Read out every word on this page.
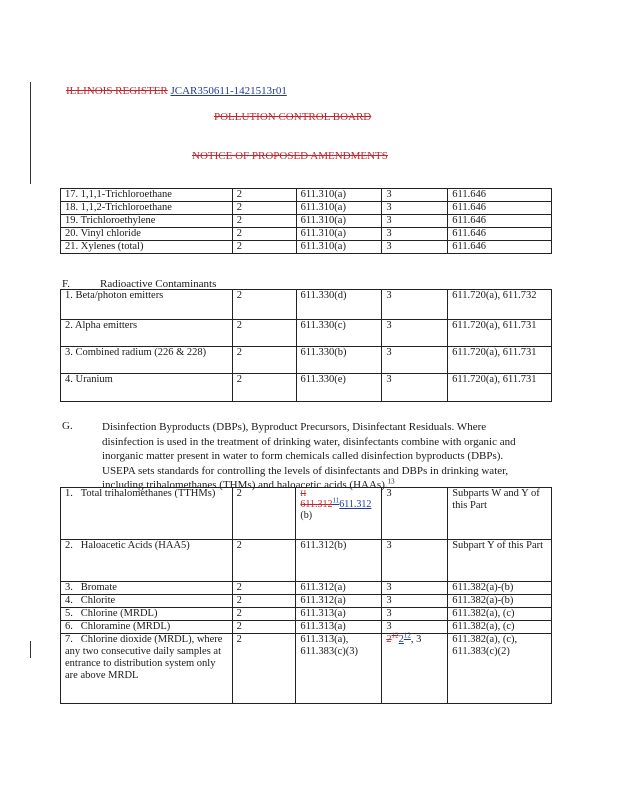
ILLINOIS REGISTER JCAR350611-1421513r01
POLLUTION CONTROL BOARD
NOTICE OF PROPOSED AMENDMENTS
17. 1,1,1-Trichloroethane	2	611.310(a)	3	611.646
18. 1,1,2-Trichloroethane	2	611.310(a)	3	611.646
19. Trichloroethylene	2	611.310(a)	3	611.646
20. Vinyl chloride	2	611.310(a)	3	611.646
21. Xylenes (total)	2	611.310(a)	3	611.646
F.	Radioactive Contaminants
1. Beta/photon emitters	2	611.330(d)	3	611.720(a), 611.732
2. Alpha emitters	2	611.330(c)	3	611.720(a), 611.731
3. Combined radium (226 & 228)	2	611.330(b)	3	611.720(a), 611.731
4. Uranium	2	611.330(e)	3	611.720(a), 611.731
G.	Disinfection Byproducts (DBPs), Byproduct Precursors, Disinfectant Residuals. Where disinfection is used in the treatment of drinking water, disinfectants combine with organic and inorganic matter present in water to form chemicals called disinfection byproducts (DBPs). USEPA sets standards for controlling the levels of disinfectants and DBPs in drinking water, including trihalomethanes (THMs) and haloacetic acids (HAAs).$^{13}$
1. Total trihalomethanes (TTHMs)	2	H
611.312$^{11}$611.312
(b)	3	Subparts W and Y of this Part
2. Haloacetic Acids (HAA5)	2	611.312(b)	3	Subpart Y of this Part
3. Bromate	2	611.312(a)	3	611.382(a)-(b)
4. Chlorite	2	611.312(a)	3	611.382(a)-(b)
5. Chlorine (MRDL)	2	611.313(a)	3	611.382(a), (c)
6. Chloramine (MRDL)	2	611.313(a)	3	611.382(a), (c)
7. Chlorine dioxide (MRDL), where any two consecutive daily samples at entrance to distribution system only are above MRDL	2	611.313(a), 611.383(c)(3)	$2^{12}2^{12}$, 3	611.382(a), (c), 611.383(c)(2)
